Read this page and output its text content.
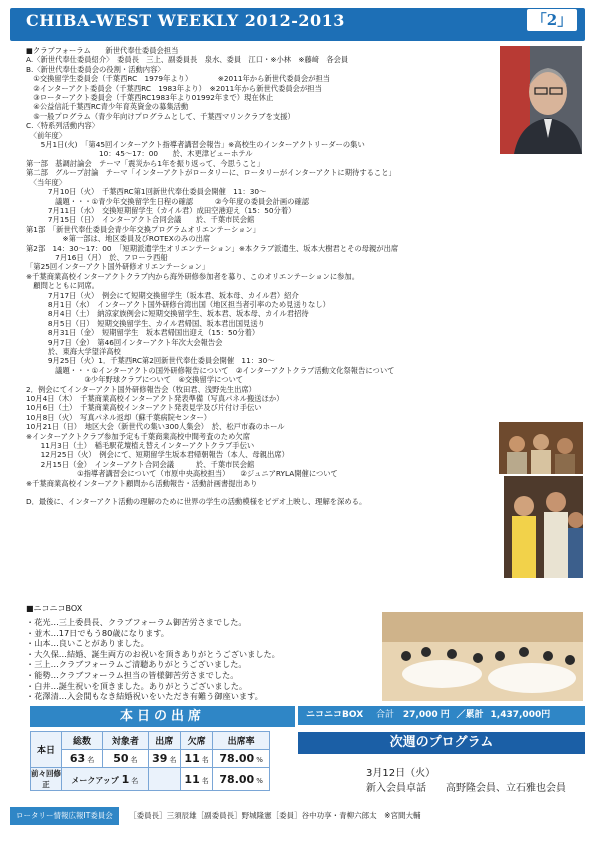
CHIBA-WEST WEEKLY 2012-2013	「2」
■クラブフォーラム　　新世代奉仕委員会担当
A.〈新世代奉仕委員紹介〉　委員長　三上、副委員長　泉水、委員　江口・※小林　※藤﨑　各会員
B.〈新世代奉仕委員会の役割・活動内容〉
　①交換留学生委員会（千葉西RC　1979年より）　　　　※2011年から新世代委員会が担当
　②インターアクト委員会（千葉西RC　1983年より）　※2011年から新世代委員会が担当
　③ローターアクト委員会（千葉西RC1983年より01992年まで）現在休止
　④公益信託千葉西RC青少年育英資金の募集活動
　⑤一般プログラム（青少年向けプログラムとして、千葉西マリンクラブを支援）
C.〈特系列活動内容〉
　〈前年度〉
　　5月1日(火)　「第45回インターアクト指導者講習会報告」※高校生のインターアクトリーダーの集い
　　　　　　　　　　10：45～17：00　　於、木更津ビューホテル
第一部　基調討論会　テーマ「震災から1年を振り返って、今思うこと」
第二部　グループ討論　テーマ「インターアクトがロータリーに、ロータリーがインターアクトに期待すること」
　〈当年度〉
　　　7月10日（火）　千葉西RC第1回新世代奉仕委員会開催　11：30～
　　　　議題・・・①青少年交換留学生日程の確認　　　②今年度の委員会計画の確認
　　　7月11日（水）　交換短期留学生（カイル君）成田空港迎え（15：50分着）
　　　7月15日（日）　インターアクト合同会議　　於、千葉市民会館
第1部　「新世代奉仕委員会青少年交換プログラムオリエンテーション」
　　　　　※第一部は、地区委員及びROTEXのみの出席
第2部　14：30～17：00　「短期派遣学生オリエンテーション」※本クラブ派遣生、坂本大樹君とその母親が出席
　　　　7月16日（月）　於、フローラ西船
「第25回インターアクト国外研修オリエンテーション」
※千葉商業高校インターアクトクラブ内から海外研修参加者を募り、このオリエンテーションに参加。
　顧問とともに同席。
　　　7月17日（火）　例会にて短期交換留学生（坂本君、坂本母、カイル君）紹介
　　　8月1日（水）　インターアクト国外研修台湾出国（地区担当者引率のため見送りなし）
　　　8月4日（土）　納涼家族例会に短期交換留学生、坂本君、坂本母、カイル君招待
　　　8月5日（日）　短期交換留学生、カイル君帰国、坂本君出国見送り
　　　8月31日（金）　短期留学生　坂本君帰国出迎え（15：50分着）
　　　9月7日（金）　第46回インターアクト年次大会報告会
　　　於、東海大学望洋高校
　　　9月25日（火）1．千葉西RC第2回新世代奉仕委員会開催　11：30～
　　　　議題・・・①インターアクトの国外研修報告について　②インターアクトクラブ活動文化祭報告について
　　　　　　　　③少年野球クラブについて　④交換留学について
2．例会にてインターアクト国外研修報告会（牧田君、浅野先生出席）
10月4日（木）　千葉商業高校インターアクト発表準備（写真パネル搬送ほか）
10月6日（土）　千葉商業高校インターアクト発表見学及び片付け手伝い
10月8日（火）　写真パネル返却（蘇千葉病院センター）
10月21日（日）　地区大会（新世代の集い300人集会）　於、松戸市森のホール
※インターアクトクラブ参加予定も千葉商業高校中間考査のため欠席
　　11月3日（土）　稲毛駅花壇植え替えインターアクトクラブ手伝い
　　12月25日（火）　例会にて、短期留学生坂本君帰朝報告（本人、母親出席）
　　2月15日（金）　インターアクト合同会議　　　於、千葉市民会館
　　　　　　　①指導者講習会について（市原中央高校担当）　　②ジュニアRYLA開催について
※千葉商業高校インターアクト顧問から活動報告・活動計画書提出あり
D．最後に、インターアクト活動の理解のために世界の学生の活動模様をビデオ上映し、理解を深める。
■ニコニコBOX
・花光…三上委員長、クラブフォーラム御苦労さまでした。
・並木…17日でもう80歳になります。
・山本…良いことがありました。
・大久保…結婚、誕生両方のお祝いを頂きありがとうございました。
・三上…クラブフォーラムご清聴ありがとうございました。
・能勢…クラブフォーラム担当の皆様御苦労さまでした。
・白井…誕生祝いを頂きました。ありがとうございました。
・花澤清…入会間もなき結婚祝いをいただき有難う御座います。
本日の出席
本日	総数	対象者	出席	欠席	出席率
	63 名	50 名	39 名	11 名	78.00 %
前々回修正	メークアップ 1 名			11 名	78.00 %
ニコニコBOX 合計 27,000 円 ／累計 1,437,000円
次週のプログラム
3月12日（火）
新入会員卓話　　高野隆会員、立石雅也会員
ロータリー情報広報IT委員会 ［委員長］三須辰雄［副委員長］野城隆憲［委員］谷中功享・青柳六郎太　※宮間大輔
